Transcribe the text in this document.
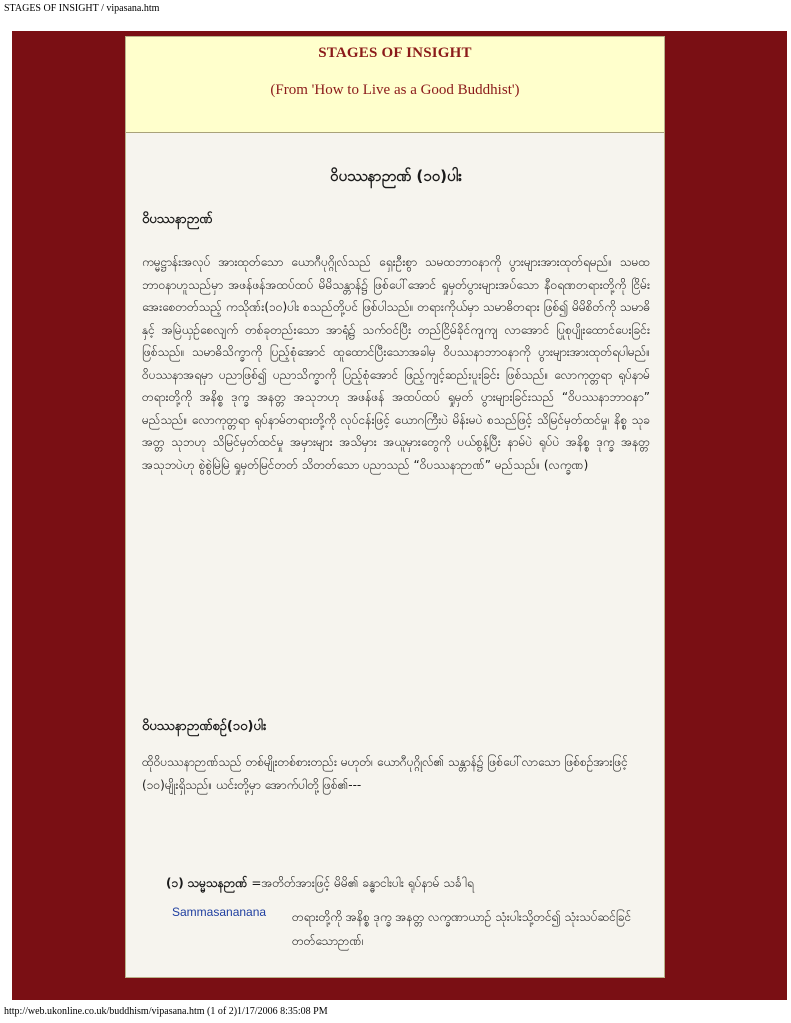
STAGES OF INSIGHT / vipasana.htm
STAGES OF INSIGHT
(From 'How to Live as a Good Buddhist')
ဝိပဿနာဉာဏ် (၁၀)ပါး
ဝိပဿနာဉာဏ်
ကမ္မဋ္ဌာန်းအလုပ် အားထုတ်သော ယောဂီပုဂ္ဂိုလ်သည် ရှေးဦးစွာ သမထဘာဝနာကို ပွားများအားထုတ်ရမည်။ သမထဘာဝနာဟူသည်မှာ အဖန်ဖန်အထပ်ထပ် မိမိသန္တာန်၌ ဖြစ်ပေါ်အောင် ရှုမှတ်ပွားများအပ်သော နီဝရဏတရားတို့ကို ငြိမ်းအေးစေတတ်သည့် ကသိုဏ်း(၁၀)ပါး စသည်တို့ပင် ဖြစ်ပါသည်။ တရားကိုယ်မှာ သမာဓိတရား ဖြစ်၍ မိမိစိတ်ကို သမာဓိနှင့် အမြဲယှဉ်စေလျက် တစ်ခုတည်းသော အာရုံ၌ သက်ဝင်ပြီး တည်ငြိမ်ခိုင်ကျကျ လာအောင် ပြုစုပျိုးထောင်ပေးခြင်း ဖြစ်သည်။ သမာဓိသိက္ခာကို ပြည့်စုံအောင် ထူထောင်ပြီးသောအခါမှ ဝိပဿနာဘာဝနာကို ပွားများအားထုတ်ရပါမည်။ ဝိပဿနာအရမှာ ပညာဖြစ်၍ ပညာသိက္ခာကို ပြည့်စုံအောင် ဖြည့်ကျင့်ဆည်းပူးခြင်း ဖြစ်သည်။ လောကုတ္တရာ ရုပ်နာမ်တရားတို့ကို အနိစ္စ ဒုက္ခ အနတ္တ အသုဘဟု အဖန်ဖန် အထပ်ထပ် ရှုမှတ် ပွားများခြင်းသည် “ဝိပဿနာဘာဝနာ” မည်သည်။ လောကုတ္တရာ ရုပ်နာမ်တရားတို့ကို လုပ်ငန်းဖြင့် ယောဂကြီးပဲ မိန်းမပဲ စသည်ဖြင့် သိမြင်မှတ်ထင်မှု၊ နိစ္စ သုခ အတ္တ သုဘဟု သိမြင်မှတ်ထင်မှု အမှားများ အသိမှား အယူမှားတွေကို ပယ်စွန့်ပြီး နာမ်ပဲ ရုပ်ပဲ အနိစ္စ ဒုက္ခ အနတ္တ အသုဘပဲဟု စွဲစွဲမြဲမြဲ ရှုမှတ်မြင်တတ် သိတတ်သော ပညာသည် “ဝိပဿနာဉာဏ်” မည်သည်။ (လက္ခဏ)
ဝိပဿနာဉာဏ်စဉ်(၁၀)ပါး
ထိုဝိပဿနာဉာဏ်သည် တစ်မျိုးတစ်စားတည်း မဟုတ်၊ ယောဂီပုဂ္ဂိုလ်၏ သန္တာန်၌ ဖြစ်ပေါ်လာသော ဖြစ်စဉ်အားဖြင့် (၁၀)မျိုးရှိသည်။ ယင်းတို့မှာ အောက်ပါတို့ဖြစ်၏---
(၁) သမ္မသနဉာဏ် =အတိတ်အားဖြင့် မိမိ၏ ခန္ဓာငါးပါး ရုပ်နာမ် သင်္ခါရ
Sammasananana တရားတို့ကို အနိစ္စ ဒုက္ခ အနတ္တ လက္ခဏာယာဉ် သုံးပါးသို့တင်၍ သုံးသပ်ဆင်ခြင်တတ်သောဉာဏ်၊
http://web.ukonline.co.uk/buddhism/vipasana.htm (1 of 2)1/17/2006 8:35:08 PM
